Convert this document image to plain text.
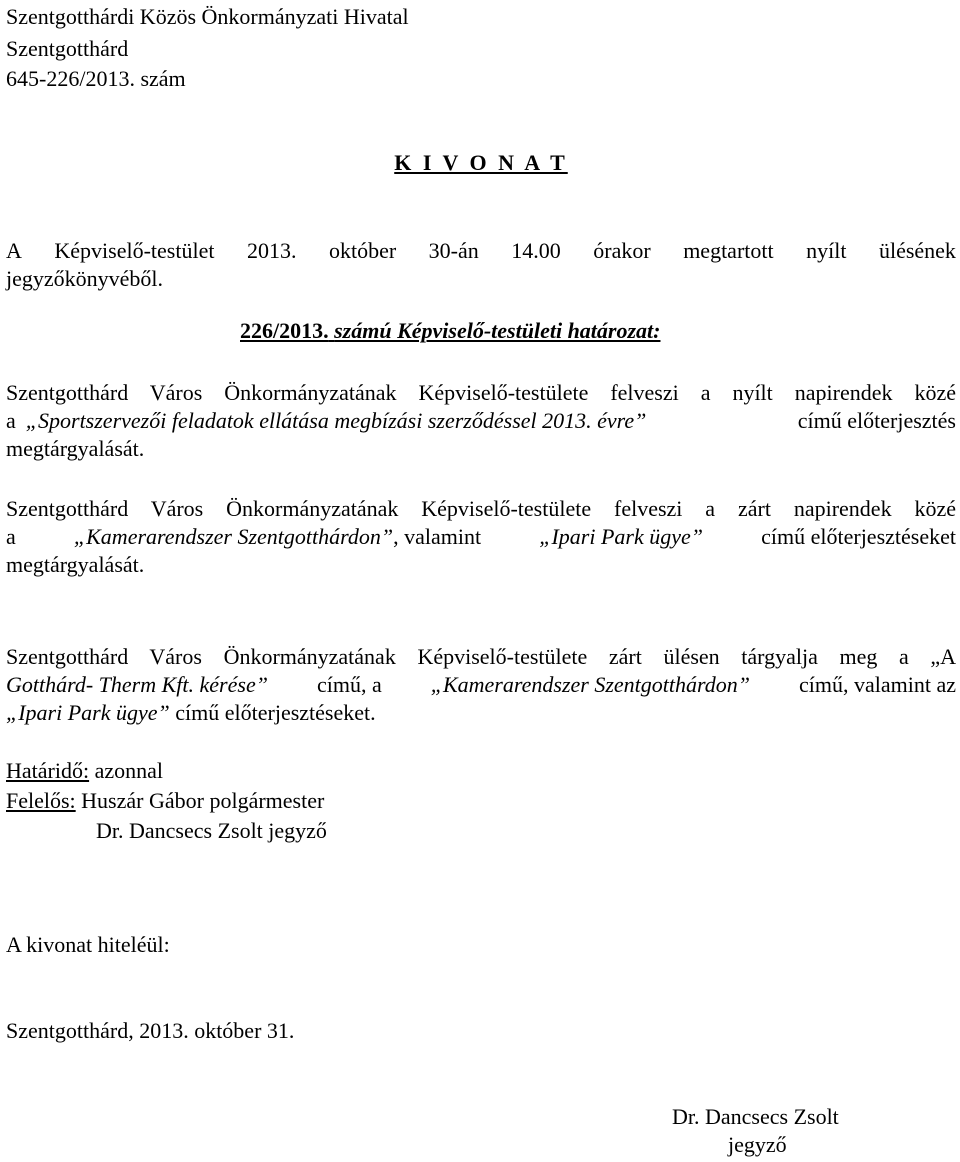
Szentgotthárdi Közös Önkormányzati Hivatal
Szentgotthárd
645-226/2013. szám
K I V O N A T
A Képviselő-testület 2013. október 30-án 14.00 órakor megtartott nyílt ülésének
jegyzőkönyvéből.
226/2013. számú Képviselő-testületi határozat:
Szentgotthárd Város Önkormányzatának Képviselő-testülete felveszi a nyílt napirendek közé
a „Sportszervezői feladatok ellátása megbízási szerződéssel 2013. évre”	című előterjesztés
megtárgyalását.
Szentgotthárd Város Önkormányzatának Képviselő-testülete felveszi a zárt napirendek közé
a	„Kamerarendszer Szentgotthárdon”, valamint	„Ipari Park ügye”	című előterjesztéseket
megtárgyalását.
Szentgotthárd Város Önkormányzatának Képviselő-testülete zárt ülésen tárgyalja meg a „A
Gotthárd- Therm Kft. kérése” című, a „Kamerarendszer Szentgotthárdon” című, valamint az
„Ipari Park ügye” című előterjesztéseket.
Határidő: azonnal
Felelős: Huszár Gábor polgármester
Dr. Dancsecs Zsolt jegyző
A kivonat hiteléül:
Szentgotthárd, 2013. október 31.
Dr. Dancsecs Zsolt
jegyző
